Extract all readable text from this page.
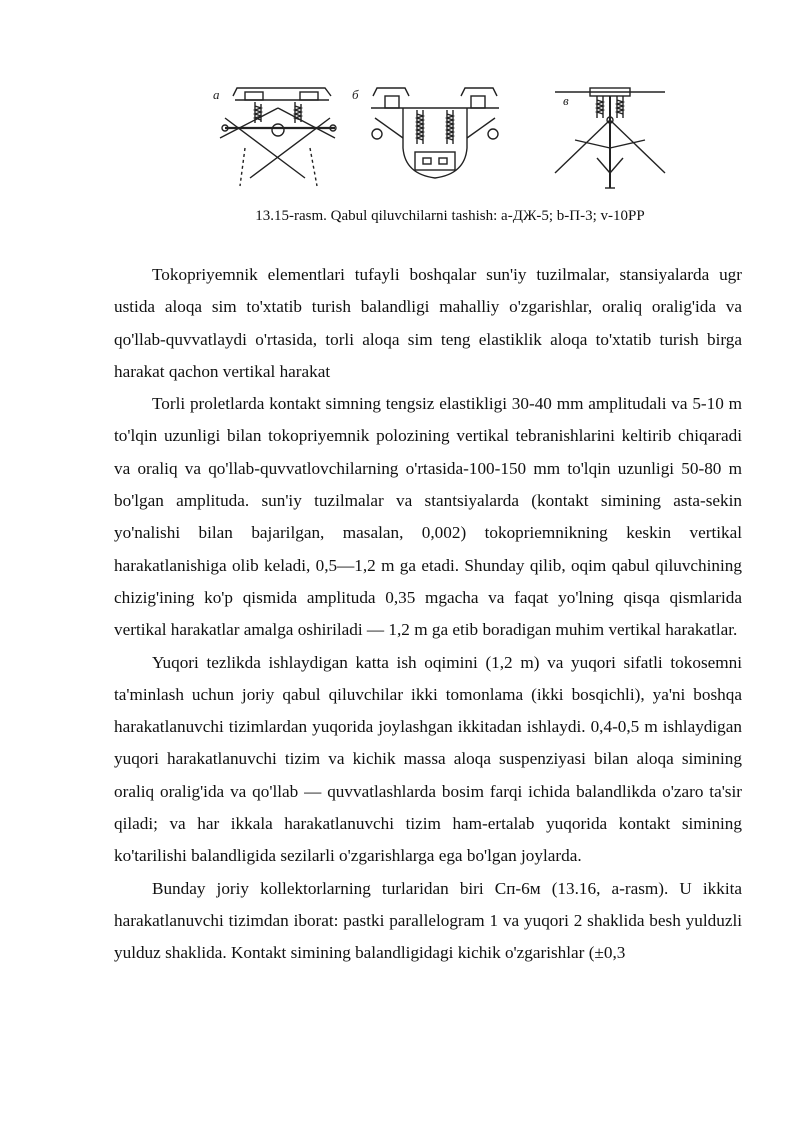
а	б	в
13.15-rasm. Qabul qiluvchilarni tashish: a-ДЖ-5; b-П-3; v-10PP

Tokopriyemnik elementlari tufayli boshqalar sun'iy tuzilmalar, stansiyalarda ugr ustida aloqa sim to'xtatib turish balandligi mahalliy o'zgarishlar, oraliq oralig'ida va qo'llab-quvvatlaydi o'rtasida, torli aloqa sim teng elastiklik aloqa to'xtatib turish birga harakat qachon vertikal harakat

Torli proletlarda kontakt simning tengsiz elastikligi 30-40 mm amplitudali va 5-10 m to'lqin uzunligi bilan tokopriyemnik polozining vertikal tebranishlarini keltirib chiqaradi va oraliq va qo'llab-quvvatlovchilarning o'rtasida-100-150 mm to'lqin uzunligi 50-80 m bo'lgan amplituda. sun'iy tuzilmalar va stantsiyalarda (kontakt simining asta-sekin yo'nalishi bilan bajarilgan, masalan, 0,002) tokopriemnikning keskin vertikal harakatlanishiga olib keladi, 0,5—1,2 m ga etadi. Shunday qilib, oqim qabul qiluvchining chizig'ining ko'p qismida amplituda 0,35 mgacha va faqat yo'lning qisqa qismlarida vertikal harakatlar amalga oshiriladi — 1,2 m ga etib boradigan muhim vertikal harakatlar.

Yuqori tezlikda ishlaydigan katta ish oqimini (1,2 m) va yuqori sifatli tokosemni ta'minlash uchun joriy qabul qiluvchilar ikki tomonlama (ikki bosqichli), ya'ni boshqa harakatlanuvchi tizimlardan yuqorida joylashgan ikkitadan ishlaydi. 0,4-0,5 m ishlaydigan yuqori harakatlanuvchi tizim va kichik massa aloqa suspenziyasi bilan aloqa simining oraliq oralig'ida va qo'llab — quvvatlashlarda bosim farqi ichida balandlikda o'zaro ta'sir qiladi; va har ikkala harakatlanuvchi tizim ham-ertalab yuqorida kontakt simining ko'tarilishi balandligida sezilarli o'zgarishlarga ega bo'lgan joylarda.

Bunday joriy kollektorlarning turlaridan biri Сп-6м (13.16, a-rasm). U ikkita harakatlanuvchi tizimdan iborat: pastki parallelogram 1 va yuqori 2 shaklida besh yulduzli yulduz shaklida. Kontakt simining balandligidagi kichik o'zgarishlar (±0,3
